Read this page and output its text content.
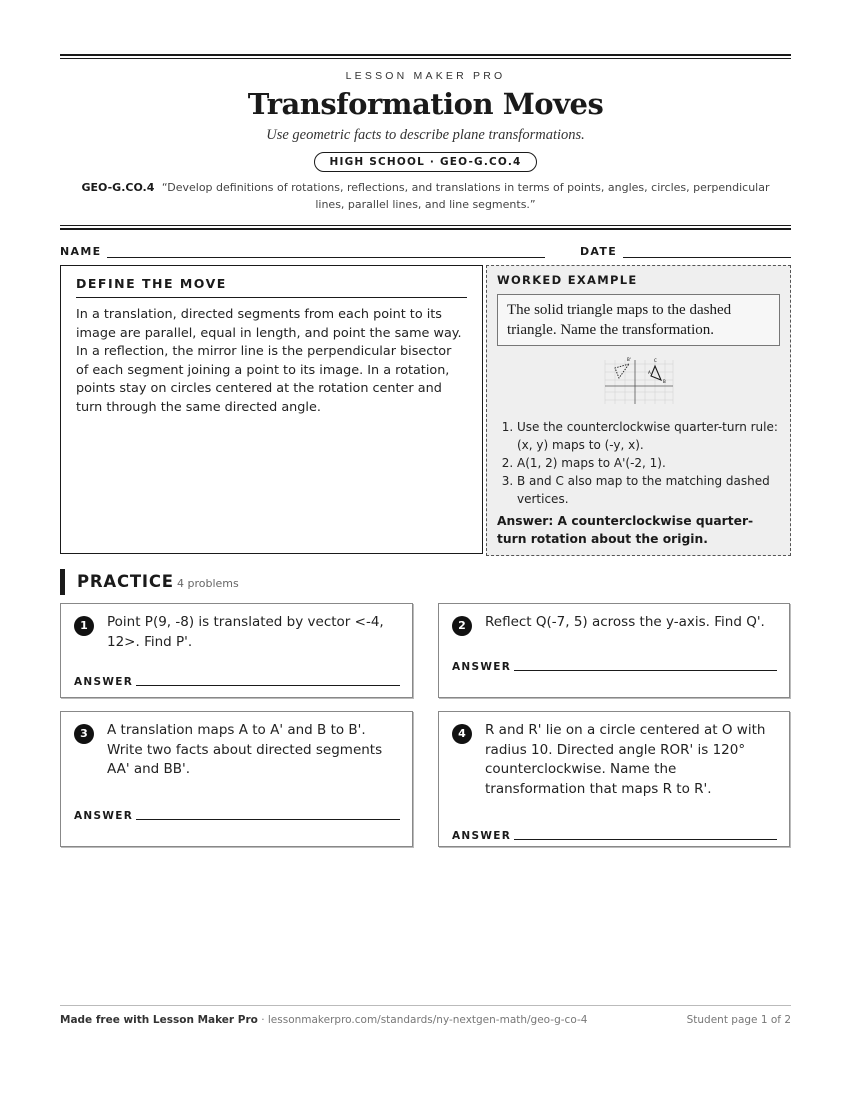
LESSON MAKER PRO
Transformation Moves
Use geometric facts to describe plane transformations.
HIGH SCHOOL · GEO-G.CO.4
GEO-G.CO.4 “Develop definitions of rotations, reflections, and translations in terms of points, angles, circles, perpendicular lines, parallel lines, and line segments.”
NAME	DATE
DEFINE THE MOVE
In a translation, directed segments from each point to its image are parallel, equal in length, and point the same way. In a reflection, the mirror line is the perpendicular bisector of each segment joining a point to its image. In a rotation, points stay on circles centered at the rotation center and turn through the same directed angle.
WORKED EXAMPLE
The solid triangle maps to the dashed triangle. Name the transformation.
B'	C
B
A
1. Use the counterclockwise quarter-turn rule: (x, y) maps to (-y, x).
2. A(1, 2) maps to A'(-2, 1).
3. B and C also map to the matching dashed vertices.
Answer: A counterclockwise quarter-turn rotation about the origin.
PRACTICE 4 problems
1	Point P(9, -8) is translated by vector <-4, 12>. Find P'.
ANSWER
2	Reflect Q(-7, 5) across the y-axis. Find Q'.
ANSWER
3	A translation maps A to A' and B to B'. Write two facts about directed segments AA' and BB'.
ANSWER
4	R and R' lie on a circle centered at O with radius 10. Directed angle ROR' is 120° counterclockwise. Name the transformation that maps R to R'.
ANSWER
Made free with Lesson Maker Pro · lessonmakerpro.com/standards/ny-nextgen-math/geo-g-co-4	Student page 1 of 2
